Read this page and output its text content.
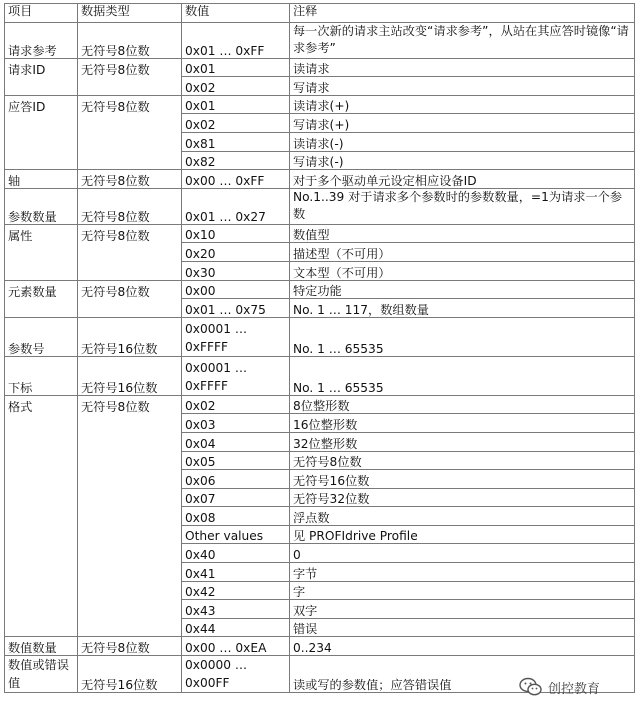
项目	数据类型	数值	注释
请求参考	无符号8位数	0x01 … 0xFF	每一次新的请求主站改变“请求参考”，从站在其应答时镜像“请求参考”
请求ID	无符号8位数	0x01	读请求
		0x02	写请求
应答ID	无符号8位数	0x01	读请求(+)
		0x02	写请求(+)
		0x81	读请求(-)
		0x82	写请求(-)
轴	无符号8位数	0x00 … 0xFF	对于多个驱动单元设定相应设备ID
参数数量	无符号8位数	0x01 … 0x27	No.1..39 对于请求多个参数时的参数数量，=1为请求一个参数
属性	无符号8位数	0x10	数值型
		0x20	描述型（不可用）
		0x30	文本型（不可用）
元素数量	无符号8位数	0x00	特定功能
		0x01 … 0x75	No. 1 … 117，数组数量
参数号	无符号16位数	0x0001 … 0xFFFF	No. 1 … 65535
下标	无符号16位数	0x0001 … 0xFFFF	No. 1 … 65535
格式	无符号8位数	0x02	8位整形数
		0x03	16位整形数
		0x04	32位整形数
		0x05	无符号8位数
		0x06	无符号16位数
		0x07	无符号32位数
		0x08	浮点数
		Other values	见 PROFIdrive Profile
		0x40	0
		0x41	字节
		0x42	字
		0x43	双字
		0x44	错误
数值数量	无符号8位数	0x00 … 0xEA	0..234
数值或错误值	无符号16位数	0x0000 … 0x00FF	读或写的参数值；应答错误值	创控教育
